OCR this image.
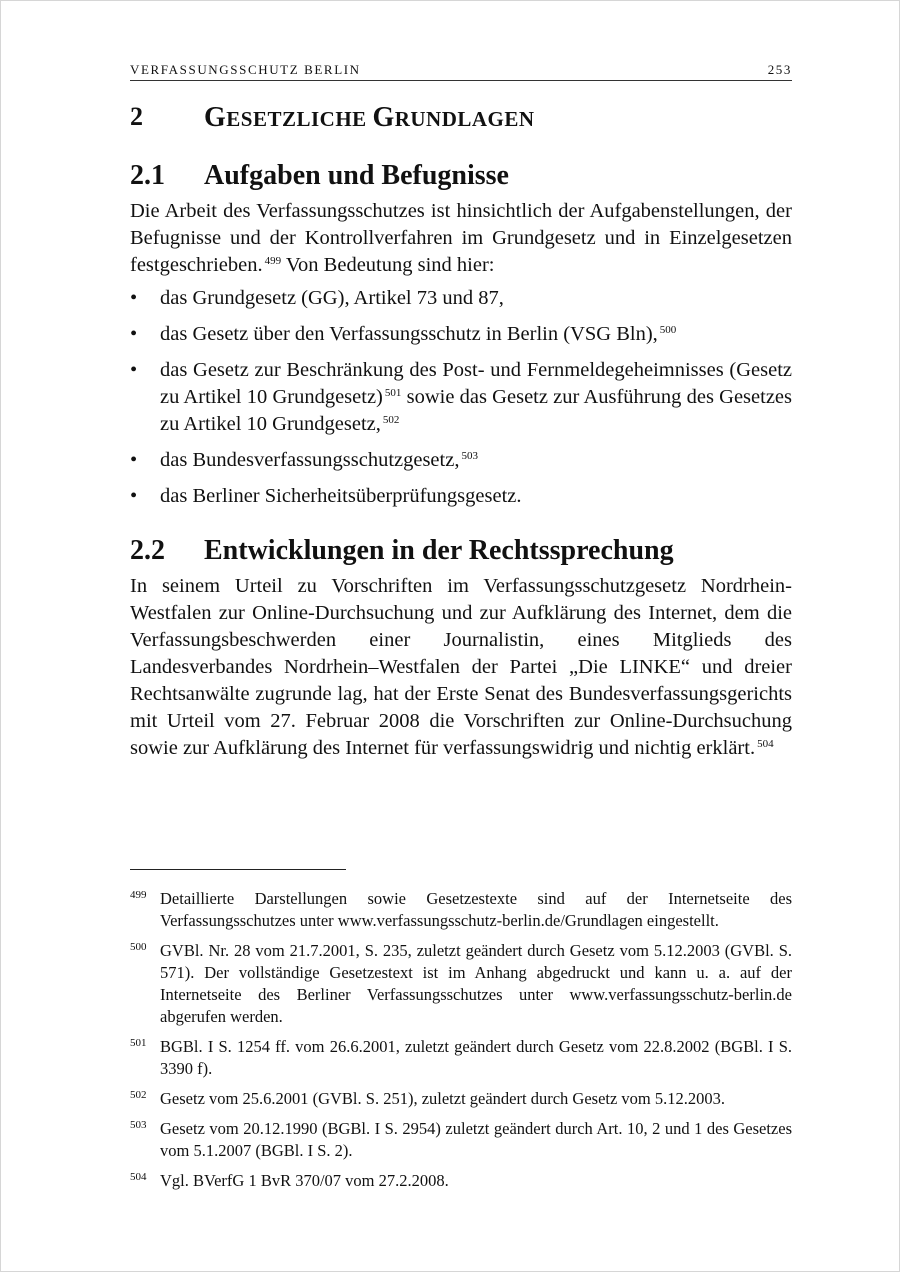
VERFASSUNGSSCHUTZ BERLIN	253
2	GESETZLICHE GRUNDLAGEN
2.1	Aufgaben und Befugnisse

Die Arbeit des Verfassungsschutzes ist hinsichtlich der Aufgabenstellungen, der Befugnisse und der Kontrollverfahren im Grundgesetz und in Einzelgesetzen festgeschrieben. $^{499}$ Von Bedeutung sind hier:

• das Grundgesetz (GG), Artikel 73 und 87,
• das Gesetz über den Verfassungsschutz in Berlin (VSG Bln), $^{500}$
• das Gesetz zur Beschränkung des Post- und Fernmeldegeheimnisses (Gesetz zu Artikel 10 Grundgesetz) $^{501}$ sowie das Gesetz zur Ausführung des Gesetzes zu Artikel 10 Grundgesetz, $^{502}$
• das Bundesverfassungsschutzgesetz, $^{503}$
• das Berliner Sicherheitsüberprüfungsgesetz.
2.2	Entwicklungen in der Rechtssprechung

In seinem Urteil zu Vorschriften im Verfassungsschutzgesetz Nordrhein-Westfalen zur Online-Durchsuchung und zur Aufklärung des Internet, dem die Verfassungsbeschwerden einer Journalistin, eines Mitglieds des Landesverbandes Nordrhein–Westfalen der Partei „Die LINKE“ und dreier Rechtsanwälte zugrunde lag, hat der Erste Senat des Bundesverfassungsgerichts mit Urteil vom 27. Februar 2008 die Vorschriften zur Online-Durchsuchung sowie zur Aufklärung des Internet für verfassungswidrig und nichtig erklärt. $^{504}$

499 Detaillierte Darstellungen sowie Gesetzestexte sind auf der Internetseite des Verfassungsschutzes unter www.verfassungsschutz-berlin.de/Grundlagen eingestellt.
500 GVBl. Nr. 28 vom 21.7.2001, S. 235, zuletzt geändert durch Gesetz vom 5.12.2003 (GVBl. S. 571). Der vollständige Gesetzestext ist im Anhang abgedruckt und kann u. a. auf der Internetseite des Berliner Verfassungsschutzes unter www.verfassungsschutz-berlin.de abgerufen werden.
501 BGBl. I S. 1254 ff. vom 26.6.2001, zuletzt geändert durch Gesetz vom 22.8.2002 (BGBl. I S. 3390 f).
502 Gesetz vom 25.6.2001 (GVBl. S. 251), zuletzt geändert durch Gesetz vom 5.12.2003.
503 Gesetz vom 20.12.1990 (BGBl. I S. 2954) zuletzt geändert durch Art. 10, 2 und 1 des Gesetzes vom 5.1.2007 (BGBl. I S. 2).
504 Vgl. BVerfG 1 BvR 370/07 vom 27.2.2008.
